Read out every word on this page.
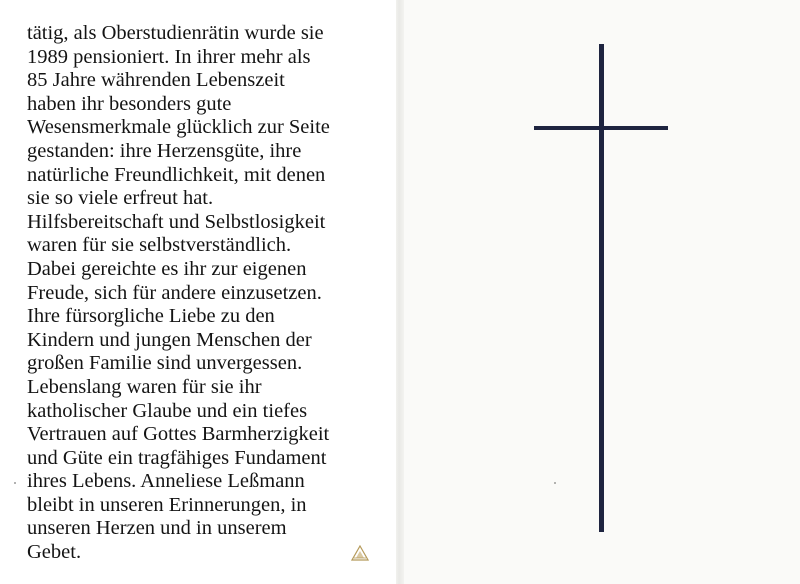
tätig, als Oberstudienrätin wurde sie
1989 pensioniert. In ihrer mehr als
85 Jahre währenden Lebenszeit
haben ihr besonders gute
Wesensmerkmale glücklich zur Seite
gestanden: ihre Herzensgüte, ihre
natürliche Freundlichkeit, mit denen
sie so viele erfreut hat.
Hilfsbereitschaft und Selbstlosigkeit
waren für sie selbstverständlich.
Dabei gereichte es ihr zur eigenen
Freude, sich für andere einzusetzen.
Ihre fürsorgliche Liebe zu den
Kindern und jungen Menschen der
großen Familie sind unvergessen.
Lebenslang waren für sie ihr
katholischer Glaube und ein tiefes
Vertrauen auf Gottes Barmherzigkeit
und Güte ein tragfähiges Fundament
ihres Lebens. Anneliese Leßmann
bleibt in unseren Erinnerungen, in
unseren Herzen und in unserem
Gebet.
